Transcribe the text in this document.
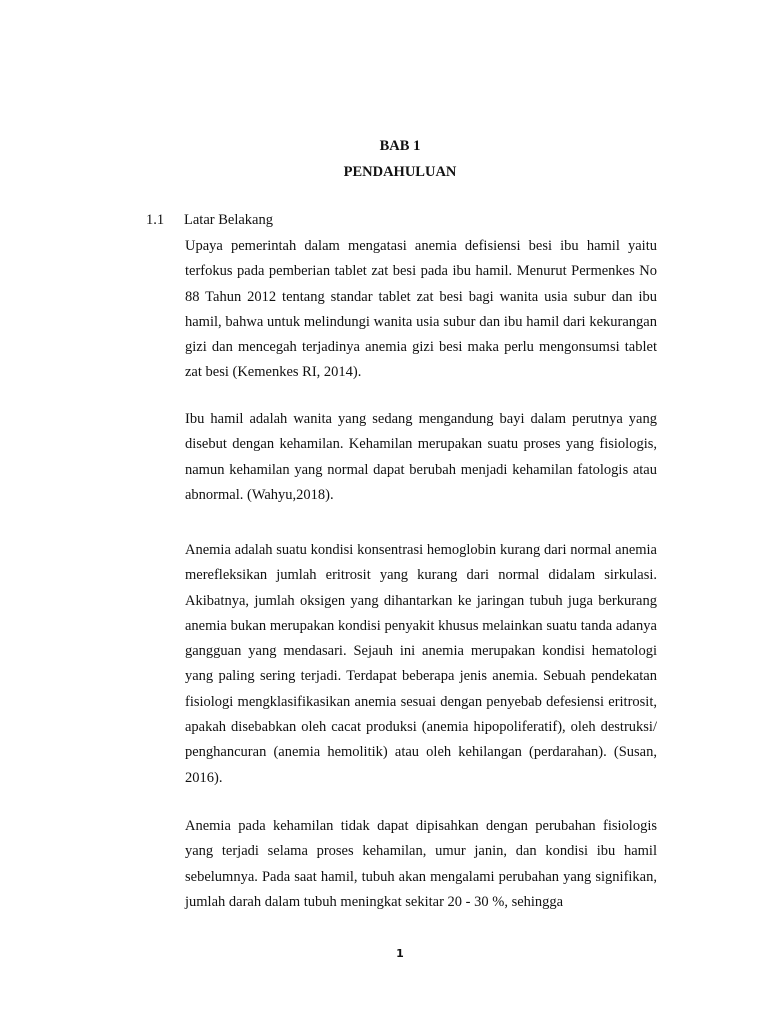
BAB 1
PENDAHULUAN
1.1 Latar Belakang

Upaya pemerintah dalam mengatasi anemia defisiensi besi ibu hamil yaitu terfokus pada pemberian tablet zat besi pada ibu hamil. Menurut Permenkes No 88 Tahun 2012 tentang standar tablet zat besi bagi wanita usia subur dan ibu hamil, bahwa untuk melindungi wanita usia subur dan ibu hamil dari kekurangan gizi dan mencegah terjadinya anemia gizi besi maka perlu mengonsumsi tablet zat besi (Kemenkes RI, 2014).

Ibu hamil adalah wanita yang sedang mengandung bayi dalam perutnya yang disebut dengan kehamilan. Kehamilan merupakan suatu proses yang fisiologis, namun kehamilan yang normal dapat berubah menjadi kehamilan fatologis atau abnormal. (Wahyu,2018).

Anemia adalah suatu kondisi konsentrasi hemoglobin kurang dari normal anemia merefleksikan jumlah eritrosit yang kurang dari normal didalam sirkulasi. Akibatnya, jumlah oksigen yang dihantarkan ke jaringan tubuh juga berkurang anemia bukan merupakan kondisi penyakit khusus melainkan suatu tanda adanya gangguan yang mendasari. Sejauh ini anemia merupakan kondisi hematologi yang paling sering terjadi. Terdapat beberapa jenis anemia. Sebuah pendekatan fisiologi mengklasifikasikan anemia sesuai dengan penyebab defesiensi eritrosit, apakah disebabkan oleh cacat produksi (anemia hipopoliferatif), oleh destruksi/ penghancuran (anemia hemolitik) atau oleh kehilangan (perdarahan). (Susan, 2016).

Anemia pada kehamilan tidak dapat dipisahkan dengan perubahan fisiologis yang terjadi selama proses kehamilan, umur janin, dan kondisi ibu hamil sebelumnya. Pada saat hamil, tubuh akan mengalami perubahan yang signifikan, jumlah darah dalam tubuh meningkat sekitar 20 - 30 %, sehingga

1
